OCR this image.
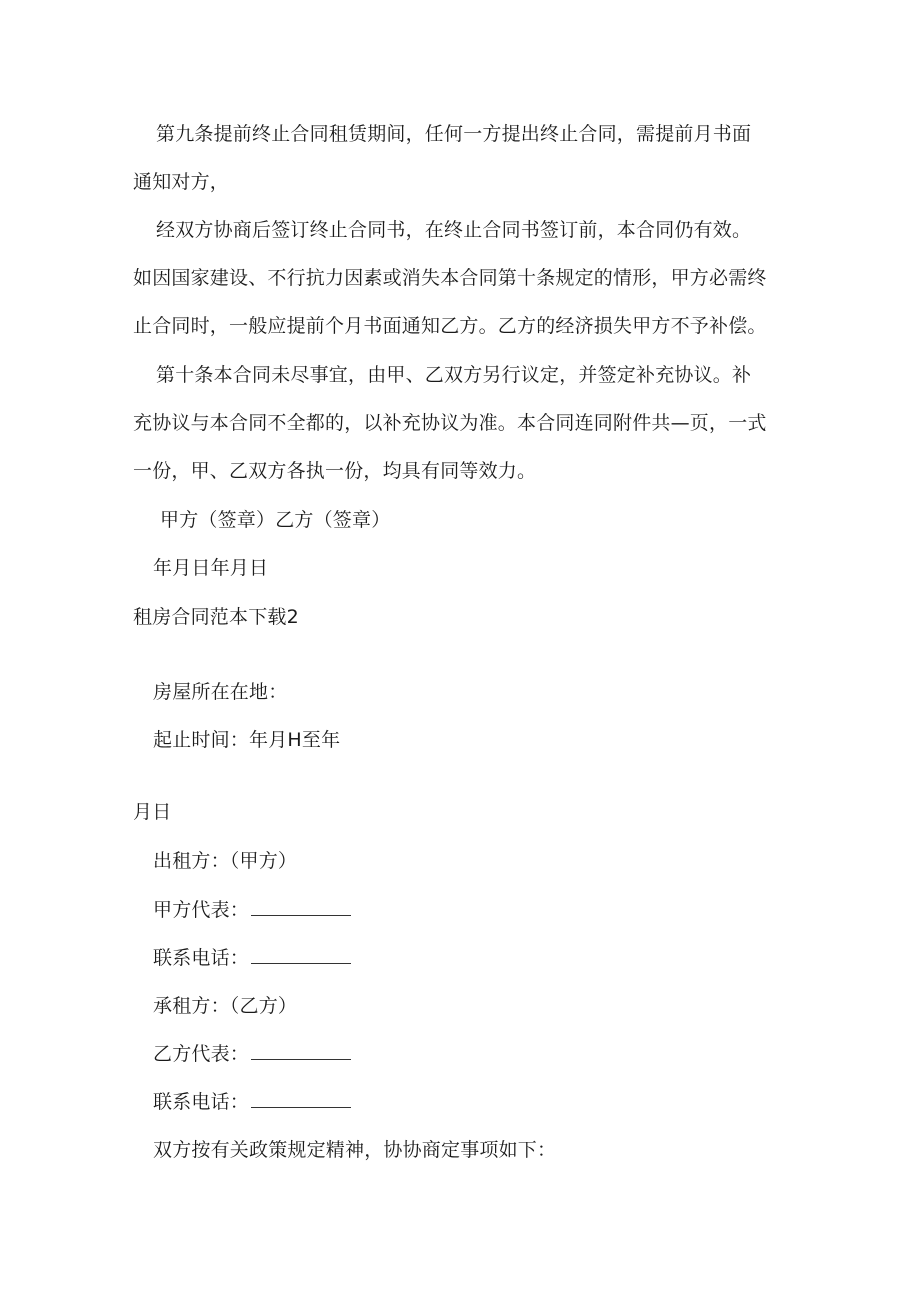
第九条提前终止合同租赁期间，任何一方提出终止合同，需提前月书面
通知对方，
经双方协商后签订终止合同书，在终止合同书签订前，本合同仍有效。
如因国家建设、不行抗力因素或消失本合同第十条规定的情形，甲方必需终
止合同时，一般应提前个月书面通知乙方。乙方的经济损失甲方不予补偿。
第十条本合同未尽事宜，由甲、乙双方另行议定，并签定补充协议。补
充协议与本合同不全都的，以补充协议为准。本合同连同附件共—页，一式
一份，甲、乙双方各执一份，均具有同等效力。
甲方（签章）乙方（签章）
年月日年月日
租房合同范本下载2
房屋所在在地：
起止时间：年月H至年
月日
出租方：（甲方）
甲方代表：
联系电话：
承租方：（乙方）
乙方代表：
联系电话：
双方按有关政策规定精神，协协商定事项如下：
